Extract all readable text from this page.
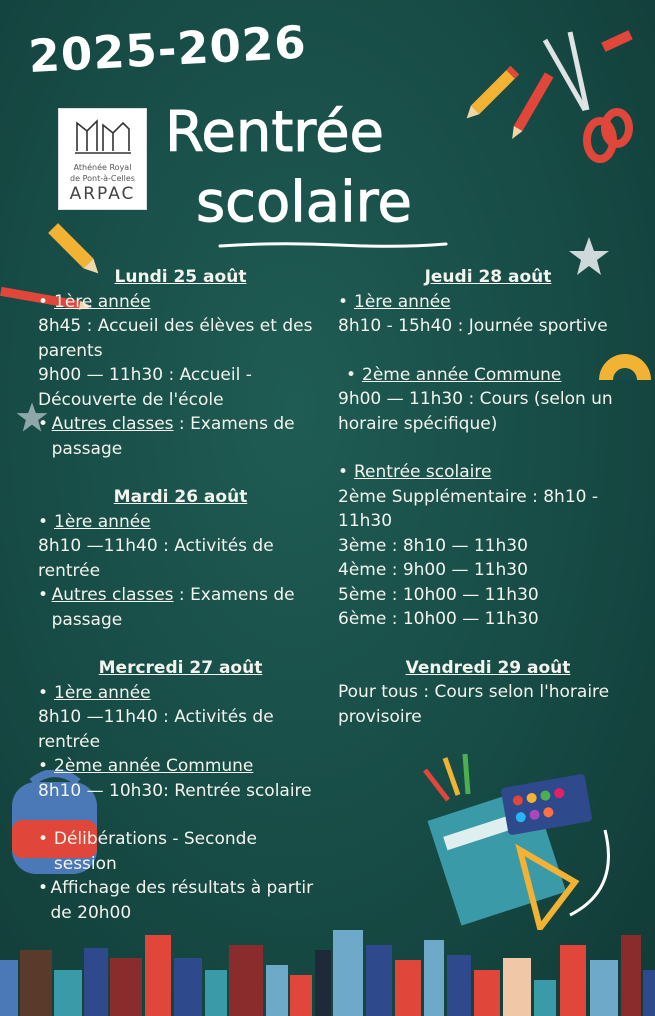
2025-2026
Athénée Royal
de Pont-à-Celles
ARPAC
Rentrée
scolaire
Lundi 25 août
• 1ère année
8h45 : Accueil des élèves et des parents
9h00 — 11h30 : Accueil - Découverte de l'école
• Autres classes : Examens de passage
Mardi 26 août
• 1ère année
8h10 —11h40 : Activités de rentrée
• Autres classes : Examens de passage
Mercredi 27 août
• 1ère année
8h10 —11h40 : Activités de rentrée
• 2ème année Commune
8h10 — 10h30: Rentrée scolaire
• Délibérations - Seconde session
• Affichage des résultats à partir de 20h00
Jeudi 28 août
• 1ère année
8h10 - 15h40 : Journée sportive
• 2ème année Commune
9h00 — 11h30 : Cours (selon un horaire spécifique)
• Rentrée scolaire
2ème Supplémentaire : 8h10 - 11h30
3ème : 8h10 — 11h30
4ème : 9h00 — 11h30
5ème : 10h00 — 11h30
6ème : 10h00 — 11h30
Vendredi 29 août
Pour tous : Cours selon l'horaire provisoire
